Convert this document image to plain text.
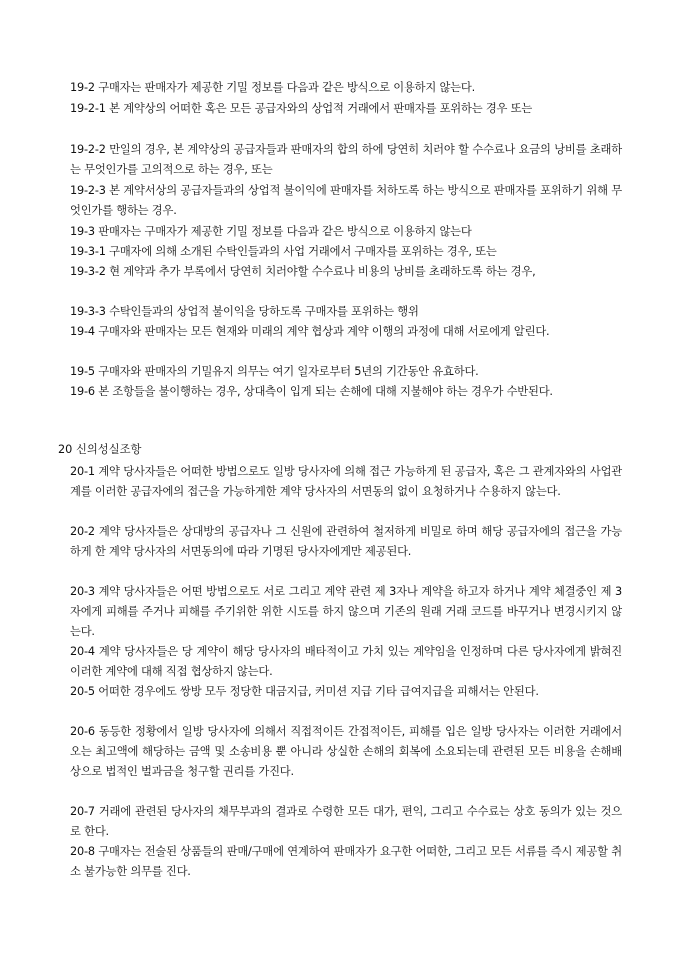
19-2 구매자는 판매자가 제공한 기밀 정보를 다음과 같은 방식으로 이용하지 않는다.

19-2-1 본 계약상의 어떠한 혹은 모든 공급자와의 상업적 거래에서 판매자를 포위하는 경우 또는

19-2-2 만일의 경우, 본 계약상의 공급자들과 판매자의 합의 하에 당연히 치러야 할 수수료나 요금의 낭비를 초래하는 무엇인가를 고의적으로 하는 경우, 또는

19-2-3 본 계약서상의 공급자들과의 상업적 불이익에 판매자를 처하도록 하는 방식으로 판매자를 포위하기 위해 무엇인가를 행하는 경우.

19-3 판매자는 구매자가 제공한 기밀 정보를 다음과 같은 방식으로 이용하지 않는다

19-3-1 구매자에 의해 소개된 수탁인들과의 사업 거래에서 구매자를 포위하는 경우, 또는

19-3-2 현 계약과 추가 부록에서 당연히 치러야할 수수료나 비용의 낭비를 초래하도록 하는 경우,

19-3-3 수탁인들과의 상업적 불이익을 당하도록 구매자를 포위하는 행위

19-4 구매자와 판매자는 모든 현재와 미래의 계약 협상과 계약 이행의 과정에 대해 서로에게 알린다.

19-5 구매자와 판매자의 기밀유지 의무는 여기 일자로부터 5년의 기간동안 유효하다.

19-6 본 조항들을 불이행하는 경우, 상대측이 입게 되는 손해에 대해 지불해야 하는 경우가 수반된다.

20 신의성실조항

20-1 계약 당사자들은 어떠한 방법으로도 일방 당사자에 의해 접근 가능하게 된 공급자, 혹은 그 관계자와의 사업관계를 이러한 공급자에의 접근을 가능하게한 계약 당사자의 서면동의 없이 요청하거나 수용하지 않는다.

20-2 계약 당사자들은 상대방의 공급자나 그 신원에 관련하여 철저하게 비밀로 하며 해당 공급자에의 접근을 가능하게 한 계약 당사자의 서면동의에 따라 기명된 당사자에게만 제공된다.

20-3 계약 당사자들은 어떤 방법으로도 서로 그리고 계약 관련 제 3자나 계약을 하고자 하거나 계약 체결중인 제 3자에게 피해를 주거나 피해를 주기위한 위한 시도를 하지 않으며 기존의 원래 거래 코드를 바꾸거나 변경시키지 않는다.

20-4 계약 당사자들은 당 계약이 해당 당사자의 배타적이고 가치 있는 계약임을 인정하며 다른 당사자에게 밝혀진 이러한 계약에 대해 직접 협상하지 않는다.

20-5 어떠한 경우에도 쌍방 모두 정당한 대금지급, 커미션 지급 기타 급여지급을 피해서는 안된다.

20-6 동등한 정황에서 일방 당사자에 의해서 직접적이든 간접적이든, 피해를 입은 일방 당사자는 이러한 거래에서 오는 최고액에 해당하는 금액 및 소송비용 뿐 아니라 상실한 손해의 회복에 소요되는데 관련된 모든 비용을 손해배상으로 법적인 벌과금을 청구할 권리를 가진다.

20-7 거래에 관련된 당사자의 채무부과의 결과로 수령한 모든 대가, 편익, 그리고 수수료는 상호 동의가 있는 것으로 한다.

20-8 구매자는 전술된 상품들의 판매/구매에 연계하여 판매자가 요구한 어떠한, 그리고 모든 서류를 즉시 제공할 취소 불가능한 의무를 진다.
